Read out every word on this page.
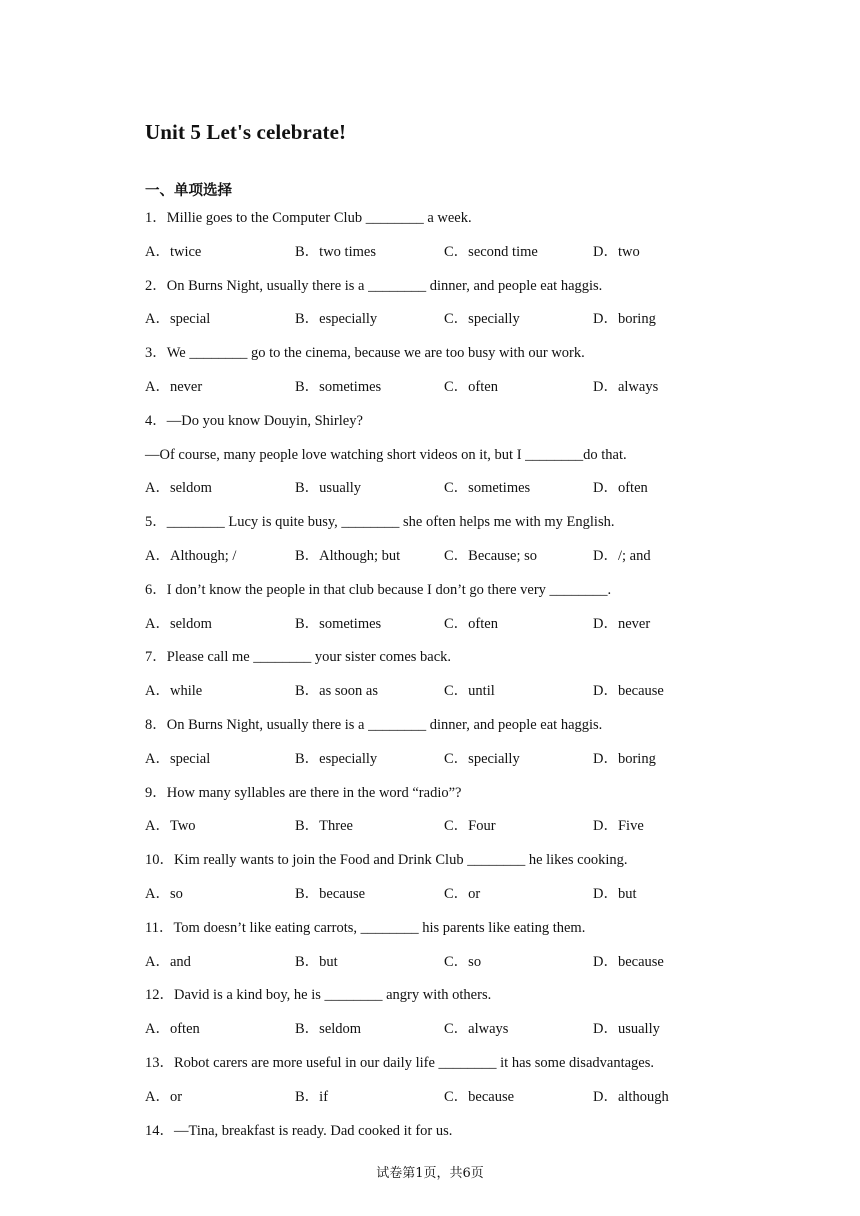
Unit 5 Let's celebrate!
一、单项选择
1．Millie goes to the Computer Club ________ a week.
A．twice	B．two times	C．second time	D．two
2．On Burns Night, usually there is a ________ dinner, and people eat haggis.
A．special	B．especially	C．specially	D．boring
3．We ________ go to the cinema, because we are too busy with our work.
A．never	B．sometimes	C．often	D．always
4．—Do you know Douyin, Shirley?
—Of course, many people love watching short videos on it, but I ________do that.
A．seldom	B．usually	C．sometimes	D．often
5．________ Lucy is quite busy, ________ she often helps me with my English.
A．Although; /	B．Although; but	C．Because; so	D．/; and
6．I don’t know the people in that club because I don’t go there very ________.
A．seldom	B．sometimes	C．often	D．never
7．Please call me ________ your sister comes back.
A．while	B．as soon as	C．until	D．because
8．On Burns Night, usually there is a ________ dinner, and people eat haggis.
A．special	B．especially	C．specially	D．boring
9．How many syllables are there in the word “radio”?
A．Two	B．Three	C．Four	D．Five
10．Kim really wants to join the Food and Drink Club ________ he likes cooking.
A．so	B．because	C．or	D．but
11．Tom doesn’t like eating carrots, ________ his parents like eating them.
A．and	B．but	C．so	D．because
12．David is a kind boy, he is ________ angry with others.
A．often	B．seldom	C．always	D．usually
13．Robot carers are more useful in our daily life ________ it has some disadvantages.
A．or	B．if	C．because	D．although
14．—Tina, breakfast is ready. Dad cooked it for us.
试卷第1页，共6页
